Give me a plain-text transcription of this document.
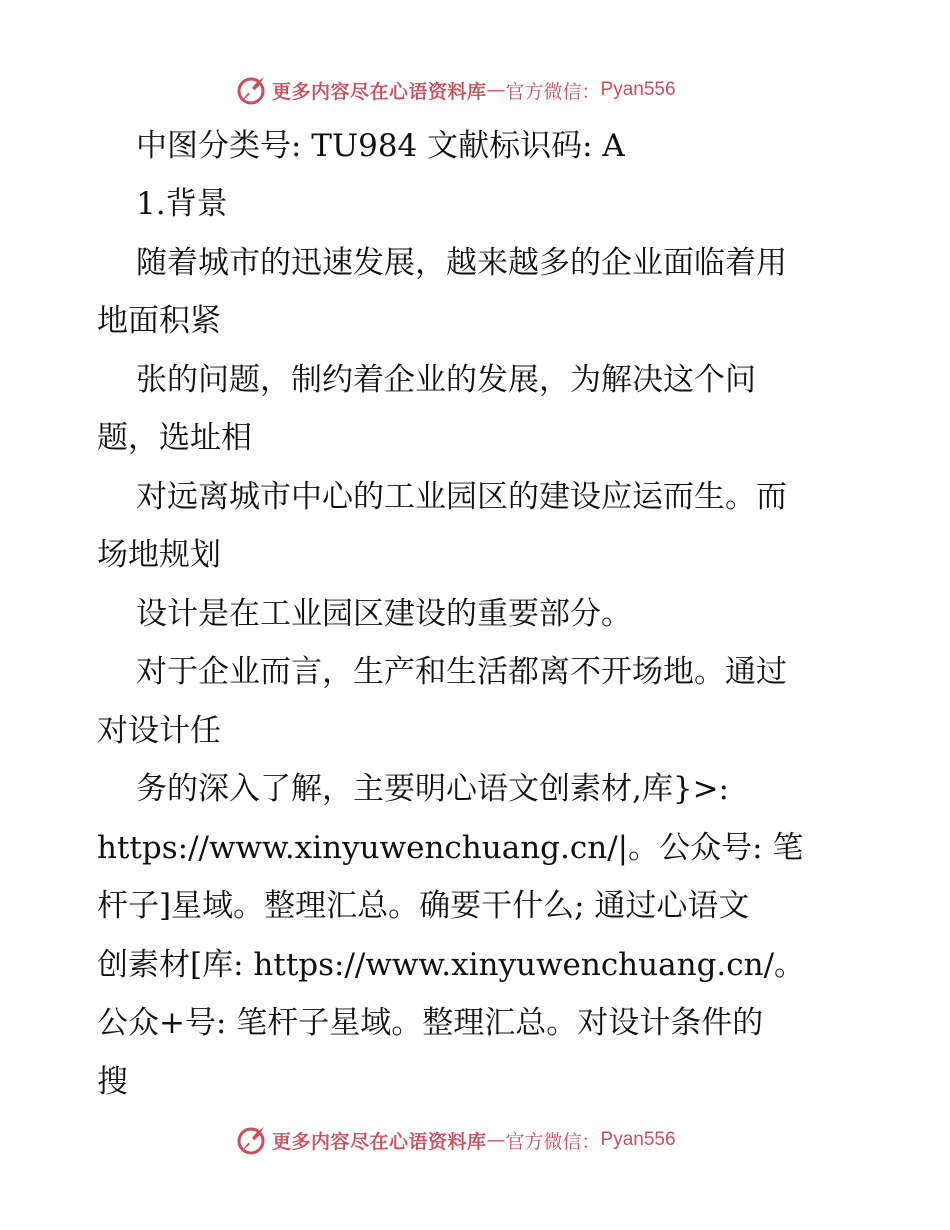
更多内容尽在心语资料库 — 官方微信： Pyan556
中图分类号: TU984 文献标识码: A
1.背景
随着城市的迅速发展，越来越多的企业面临着用
地面积紧
张的问题，制约着企业的发展，为解决这个问
题，选址相
对远离城市中心的工业园区的建设应运而生。而
场地规划
设计是在工业园区建设的重要部分。
对于企业而言，生产和生活都离不开场地。通过
对设计任
务的深入了解，主要明心语文创素材,库}>:
https://www.xinyuwenchuang.cn/|。公众号: 笔
杆子]星域。整理汇总。确要干什么; 通过心语文
创素材[库: https://www.xinyuwenchuang.cn/。
公众+号: 笔杆子星域。整理汇总。对设计条件的
搜
更多内容尽在心语资料库 — 官方微信： Pyan556
